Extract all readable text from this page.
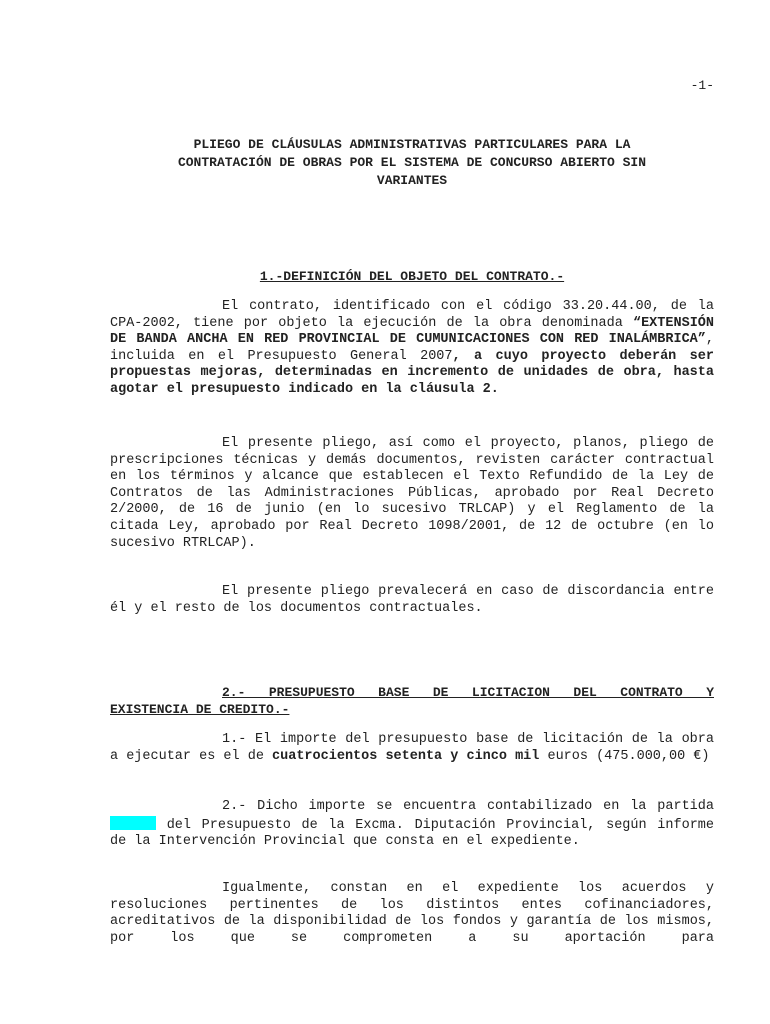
-1-
PLIEGO DE CLÁUSULAS ADMINISTRATIVAS PARTICULARES PARA LA
CONTRATACIÓN DE OBRAS POR EL SISTEMA DE CONCURSO ABIERTO SIN
VARIANTES
1.-DEFINICIÓN DEL OBJETO DEL CONTRATO.-
El contrato, identificado con el código 33.20.44.00, de la CPA-2002, tiene por objeto la ejecución de la obra denominada “EXTENSIÓN DE BANDA ANCHA EN RED PROVINCIAL DE CUMUNICACIONES CON RED INALÁMBRICA”, incluida en el Presupuesto General 2007, a cuyo proyecto deberán ser propuestas mejoras, determinadas en incremento de unidades de obra, hasta agotar el presupuesto indicado en la cláusula 2.
El presente pliego, así como el proyecto, planos, pliego de prescripciones técnicas y demás documentos, revisten carácter contractual en los términos y alcance que establecen el Texto Refundido de la Ley de Contratos de las Administraciones Públicas, aprobado por Real Decreto 2/2000, de 16 de junio (en lo sucesivo TRLCAP) y el Reglamento de la citada Ley, aprobado por Real Decreto 1098/2001, de 12 de octubre (en lo sucesivo RTRLCAP).
El presente pliego prevalecerá en caso de discordancia entre él y el resto de los documentos contractuales.
2.- PRESUPUESTO BASE DE LICITACION DEL CONTRATO Y
EXISTENCIA DE CREDITO.-
1.- El importe del presupuesto base de licitación de la obra a ejecutar es el de cuatrocientos setenta y cinco mil euros (475.000,00 €)
2.- Dicho importe se encuentra contabilizado en la partida  del Presupuesto de la Excma. Diputación Provincial, según informe de la Intervención Provincial que consta en el expediente.
Igualmente, constan en el expediente los acuerdos y resoluciones pertinentes de los distintos entes cofinanciadores, acreditativos de la disponibilidad de los fondos y garantía de los mismos, por los que se comprometen a su aportación para
